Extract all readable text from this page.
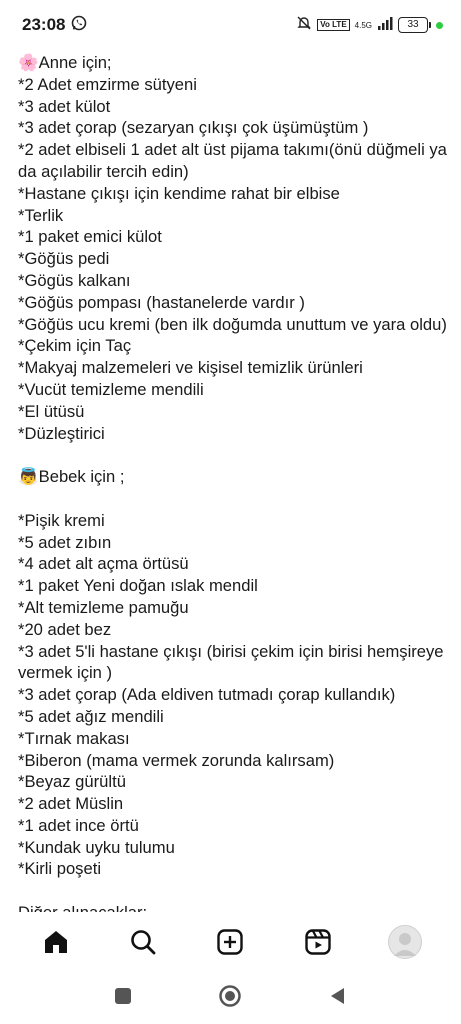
23:08	Vo LTE	4.5G	33
🌸Anne için;
*2 Adet emzirme sütyeni
*3 adet külot
*3 adet çorap (sezaryan çıkışı çok üşümüştüm )
*2 adet elbiseli 1 adet alt üst pijama takımı(önü düğmeli ya da açılabilir tercih edin)
*Hastane çıkışı için kendime rahat bir elbise
*Terlik
*1 paket emici külot
*Göğüs pedi
*Gögüs kalkanı
*Göğüs pompası (hastanelerde vardır )
*Göğüs ucu kremi (ben ilk doğumda unuttum ve yara oldu)
*Çekim için Taç
*Makyaj malzemeleri ve kişisel temizlik ürünleri
*Vucüt temizleme mendili
*El ütüsü
*Düzleştirici
👼Bebek için ;
*Pişik kremi
*5 adet zıbın
*4 adet alt açma örtüsü
*1 paket Yeni doğan ıslak mendil
*Alt temizleme pamuğu
*20 adet bez
*3 adet 5'li hastane çıkışı (birisi çekim için birisi hemşireye vermek için )
*3 adet çorap (Ada eldiven tutmadı çorap kullandık)
*5 adet ağız mendili
*Tırnak makası
*Biberon (mama vermek zorunda kalırsam)
*Beyaz gürültü
*2 adet Müslin
*1 adet ince örtü
*Kundak uyku tulumu
*Kirli poşeti
